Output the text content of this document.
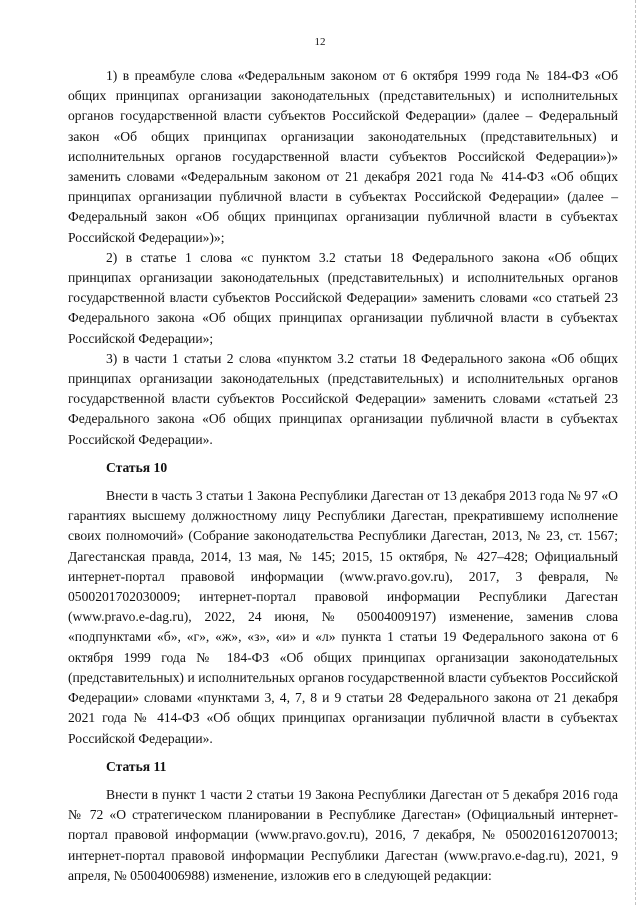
12

1) в преамбуле слова «Федеральным законом от 6 октября 1999 года № 184-ФЗ «Об общих принципах организации законодательных (представительных) и исполнительных органов государственной власти субъектов Российской Федерации» (далее – Федеральный закон «Об общих принципах организации законодательных (представительных) и исполнительных органов государственной власти субъектов Российской Федерации»)» заменить словами «Федеральным законом от 21 декабря 2021 года № 414-ФЗ «Об общих принципах организации публичной власти в субъектах Российской Федерации» (далее – Федеральный закон «Об общих принципах организации публичной власти в субъектах Российской Федерации»)»;

2) в статье 1 слова «с пунктом 3.2 статьи 18 Федерального закона «Об общих принципах организации законодательных (представительных) и исполнительных органов государственной власти субъектов Российской Федерации» заменить словами «со статьей 23 Федерального закона «Об общих принципах организации публичной власти в субъектах Российской Федерации»;

3) в части 1 статьи 2 слова «пунктом 3.2 статьи 18 Федерального закона «Об общих принципах организации законодательных (представительных) и исполнительных органов государственной власти субъектов Российской Федерации» заменить словами «статьей 23 Федерального закона «Об общих принципах организации публичной власти в субъектах Российской Федерации».

Статья 10

Внести в часть 3 статьи 1 Закона Республики Дагестан от 13 декабря 2013 года № 97 «О гарантиях высшему должностному лицу Республики Дагестан, прекратившему исполнение своих полномочий» (Собрание законодательства Республики Дагестан, 2013, № 23, ст. 1567; Дагестанская правда, 2014, 13 мая, № 145; 2015, 15 октября, № 427–428; Официальный интернет-портал правовой информации (www.pravo.gov.ru), 2017, 3 февраля, № 0500201702030009; интернет-портал правовой информации Республики Дагестан (www.pravo.e-dag.ru), 2022, 24 июня, № 05004009197) изменение, заменив слова «подпунктами «б», «г», «ж», «з», «и» и «л» пункта 1 статьи 19 Федерального закона от 6 октября 1999 года № 184-ФЗ «Об общих принципах организации законодательных (представительных) и исполнительных органов государственной власти субъектов Российской Федерации» словами «пунктами 3, 4, 7, 8 и 9 статьи 28 Федерального закона от 21 декабря 2021 года № 414-ФЗ «Об общих принципах организации публичной власти в субъектах Российской Федерации».

Статья 11

Внести в пункт 1 части 2 статьи 19 Закона Республики Дагестан от 5 декабря 2016 года № 72 «О стратегическом планировании в Республике Дагестан» (Официальный интернет-портал правовой информации (www.pravo.gov.ru), 2016, 7 декабря, № 0500201612070013; интернет-портал правовой информации Республики Дагестан (www.pravo.e-dag.ru), 2021, 9 апреля, № 05004006988) изменение, изложив его в следующей редакции:
